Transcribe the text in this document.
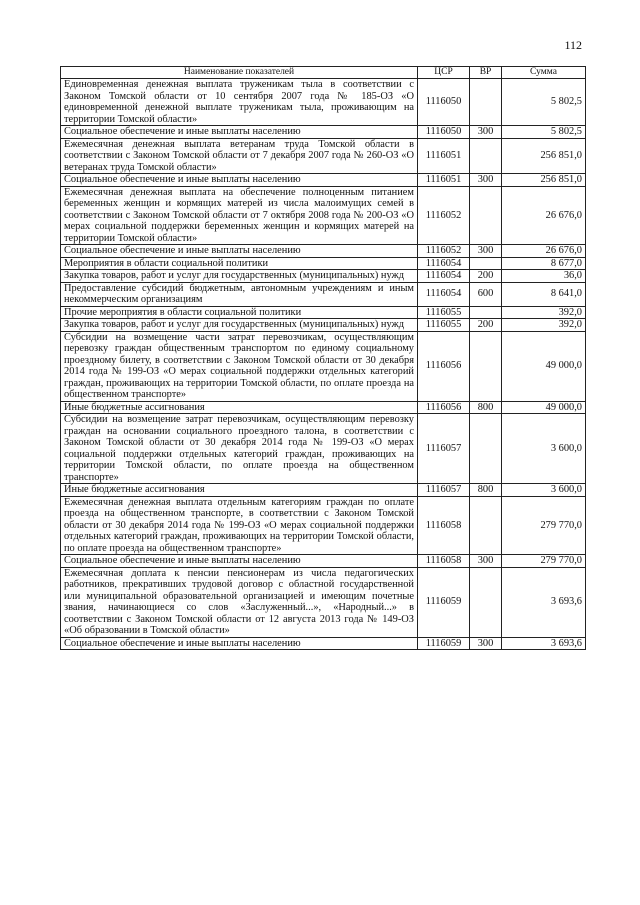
112
Наименование показателей	ЦСР	ВР	Сумма
Единовременная денежная выплата труженикам тыла в соответствии с Законом Томской области от 10 сентября 2007 года № 185-ОЗ «О единовременной денежной выплате труженикам тыла, проживающим на территории Томской области»	1116050		5 802,5
Социальное обеспечение и иные выплаты населению	1116050	300	5 802,5
Ежемесячная денежная выплата ветеранам труда Томской области в соответствии с Законом Томской области от 7 декабря 2007 года № 260-ОЗ «О ветеранах труда Томской области»	1116051		256 851,0
Социальное обеспечение и иные выплаты населению	1116051	300	256 851,0
Ежемесячная денежная выплата на обеспечение полноценным питанием беременных женщин и кормящих матерей из числа малоимущих семей в соответствии с Законом Томской области от 7 октября 2008 года № 200-ОЗ «О мерах социальной поддержки беременных женщин и кормящих матерей на территории Томской области»	1116052		26 676,0
Социальное обеспечение и иные выплаты населению	1116052	300	26 676,0
Мероприятия в области социальной политики	1116054		8 677,0
Закупка товаров, работ и услуг для государственных (муниципальных) нужд	1116054	200	36,0
Предоставление субсидий бюджетным, автономным учреждениям и иным некоммерческим организациям	1116054	600	8 641,0
Прочие мероприятия в области социальной политики	1116055		392,0
Закупка товаров, работ и услуг для государственных (муниципальных) нужд	1116055	200	392,0
Субсидии на возмещение части затрат перевозчикам, осуществляющим перевозку граждан общественным транспортом по единому социальному проездному билету, в соответствии с Законом Томской области от 30 декабря 2014 года № 199-ОЗ «О мерах социальной поддержки отдельных категорий граждан, проживающих на территории Томской области, по оплате проезда на общественном транспорте»	1116056		49 000,0
Иные бюджетные ассигнования	1116056	800	49 000,0
Субсидии на возмещение затрат перевозчикам, осуществляющим перевозку граждан на основании социального проездного талона, в соответствии с Законом Томской области от 30 декабря 2014 года № 199-ОЗ «О мерах социальной поддержки отдельных категорий граждан, проживающих на территории Томской области, по оплате проезда на общественном транспорте»	1116057		3 600,0
Иные бюджетные ассигнования	1116057	800	3 600,0
Ежемесячная денежная выплата отдельным категориям граждан по оплате проезда на общественном транспорте, в соответствии с Законом Томской области от 30 декабря 2014 года № 199-ОЗ «О мерах социальной поддержки отдельных категорий граждан, проживающих на территории Томской области, по оплате проезда на общественном транспорте»	1116058		279 770,0
Социальное обеспечение и иные выплаты населению	1116058	300	279 770,0
Ежемесячная доплата к пенсии пенсионерам из числа педагогических работников, прекративших трудовой договор с областной государственной или муниципальной образовательной организацией и имеющим почетные звания, начинающиеся со слов «Заслуженный...», «Народный...» в соответствии с Законом Томской области от 12 августа 2013 года № 149-ОЗ «Об образовании в Томской области»	1116059		3 693,6
Социальное обеспечение и иные выплаты населению	1116059	300	3 693,6
